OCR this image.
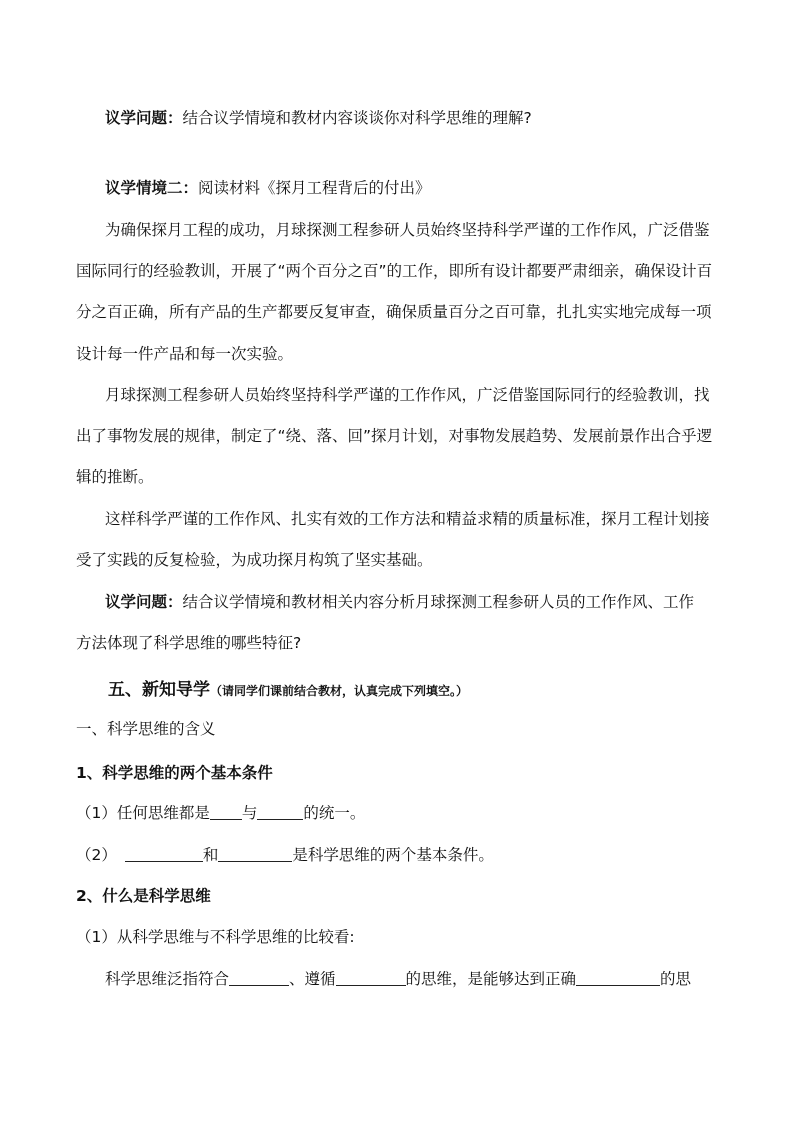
议学问题：结合议学情境和教材内容谈谈你对科学思维的理解?
议学情境二：阅读材料《探月工程背后的付出》
为确保探月工程的成功，月球探测工程参研人员始终坚持科学严谨的工作作风，广泛借鉴
国际同行的经验教训，开展了“两个百分之百”的工作，即所有设计都要严肃细亲，确保设计百
分之百正确，所有产品的生产都要反复审查，确保质量百分之百可靠，扎扎实实地完成每一项
设计每一件产品和每一次实验。
月球探测工程参研人员始终坚持科学严谨的工作作风，广泛借鉴国际同行的经验教训，找
出了事物发展的规律，制定了“绕、落、回”探月计划，对事物发展趋势、发展前景作出合乎逻
辑的推断。
这样科学严谨的工作作风、扎实有效的工作方法和精益求精的质量标准，探月工程计划接
受了实践的反复检验，为成功探月构筑了坚实基础。
议学问题：结合议学情境和教材相关内容分析月球探测工程参研人员的工作作风、工作
方法体现了科学思维的哪些特征?
五、新知导学（请同学们课前结合教材，认真完成下列填空。）
一、科学思维的含义
1、科学思维的两个基本条件
（1）任何思维都是 与	的统一。
（2）	和	是科学思维的两个基本条件。
2、什么是科学思维
（1）从科学思维与不科学思维的比较看:
科学思维泛指符合	、遵循	的思维，是能够达到正确	的思
